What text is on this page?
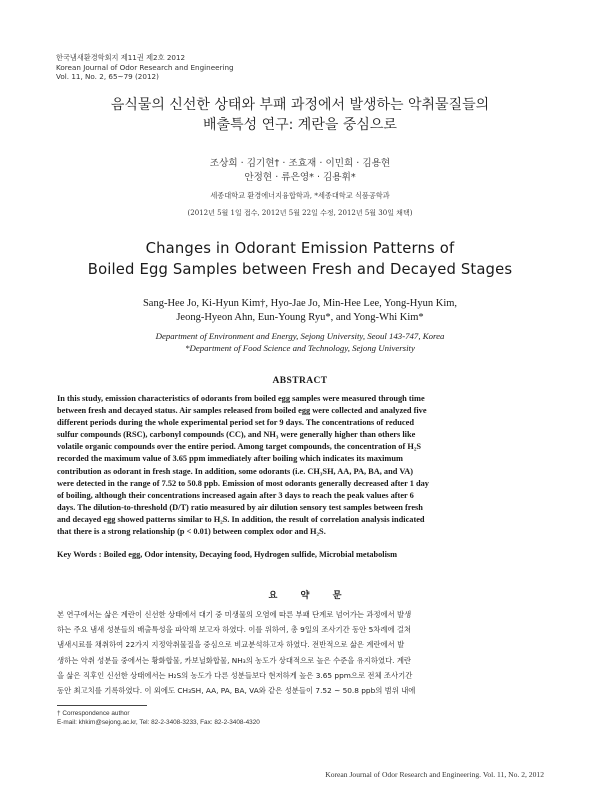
한국냄새환경학회지 제11권 제2호 2012
Korean Journal of Odor Research and Engineering
Vol. 11, No. 2, 65~79 (2012)
음식물의 신선한 상태와 부패 과정에서 발생하는 악취물질들의
배출특성 연구: 계란을 중심으로
조상희 · 김기현† · 조효재 · 이민희 · 김용현
안정현 · 류은영* · 김용휘*
세종대학교 환경에너지융합학과, *세종대학교 식품공학과
(2012년 5월 1일 접수, 2012년 5월 22일 수정, 2012년 5월 30일 채택)
Changes in Odorant Emission Patterns of
Boiled Egg Samples between Fresh and Decayed Stages
Sang-Hee Jo, Ki-Hyun Kim†, Hyo-Jae Jo, Min-Hee Lee, Yong-Hyun Kim,
Jeong-Hyeon Ahn, Eun-Young Ryu*, and Yong-Whi Kim*
Department of Environment and Energy, Sejong University, Seoul 143-747, Korea
*Department of Food Science and Technology, Sejong University
ABSTRACT
In this study, emission characteristics of odorants from boiled egg samples were measured through time
between fresh and decayed status. Air samples released from boiled egg were collected and analyzed five
different periods during the whole experimental period set for 9 days. The concentrations of reduced
sulfur compounds (RSC), carbonyl compounds (CC), and NH₃ were generally higher than others like
volatile organic compounds over the entire period. Among target compounds, the concentration of H₂S
recorded the maximum value of 3.65 ppm immediately after boiling which indicates its maximum
contribution as odorant in fresh stage. In addition, some odorants (i.e. CH₃SH, AA, PA, BA, and VA)
were detected in the range of 7.52 to 50.8 ppb. Emission of most odorants generally decreased after 1 day
of boiling, although their concentrations increased again after 3 days to reach the peak values after 6
days. The dilution-to-threshold (D/T) ratio measured by air dilution sensory test samples between fresh
and decayed egg showed patterns similar to H₂S. In addition, the result of correlation analysis indicated
that there is a strong relationship (p < 0.01) between complex odor and H₂S.
Key Words : Boiled egg, Odor intensity, Decaying food, Hydrogen sulfide, Microbial metabolism
요 약 문
본 연구에서는 삶은 계란이 신선한 상태에서 대기 중 미생물의 오염에 따른 부패 단계로 넘어가는 과정에서 발생
하는 주요 냄새 성분들의 배출특성을 파악해 보고자 하였다. 이를 위하여, 총 9일의 조사기간 동안 5차례에 걸쳐
냄새시료를 채취하여 22가지 지정악취물질을 중심으로 비교분석하고자 하였다. 전반적으로 삶은 계란에서 발
생하는 악취 성분들 중에서는 황화합물, 카보닐화합물, NH₃의 농도가 상대적으로 높은 수준을 유지하였다. 계란
을 삶은 직후인 신선한 상태에서는 H₂S의 농도가 다른 성분들보다 현저하게 높은 3.65 ppm으로 전체 조사기간
동안 최고치를 기록하였다. 이 외에도 CH₃SH, AA, PA, BA, VA와 같은 성분들이 7.52 ~ 50.8 ppb의 범위 내에
† Correspondence author
E-mail: khkim@sejong.ac.kr, Tel: 82-2-3408-3233, Fax: 82-2-3408-4320
Korean Journal of Odor Research and Engineering. Vol. 11, No. 2, 2012
